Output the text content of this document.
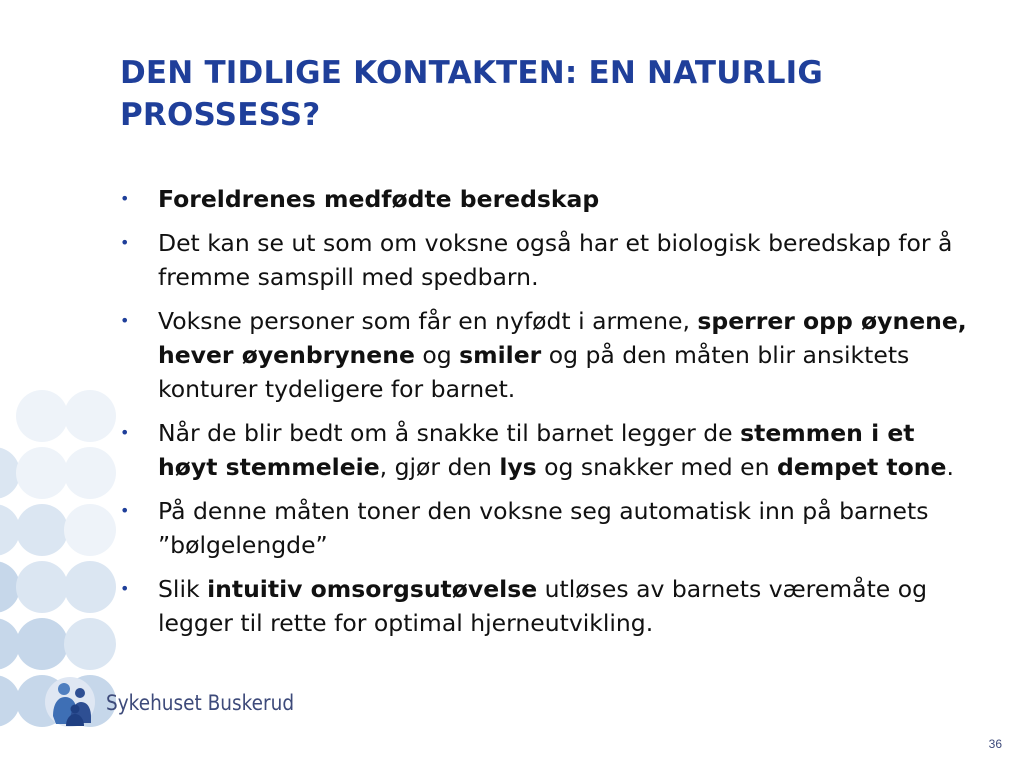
DEN TIDLIGE KONTAKTEN: EN NATURLIG PROSSESS?
• Foreldrenes medfødte beredskap
• Det kan se ut som om voksne også har et biologisk beredskap for å fremme samspill med spedbarn.
• Voksne personer som får en nyfødt i armene, sperrer opp øynene, hever øyenbrynene og smiler og på den måten blir ansiktets konturer tydeligere for barnet.
• Når de blir bedt om å snakke til barnet legger de stemmen i et høyt stemmeleie, gjør den lys og snakker med en dempet tone.
• På denne måten toner den voksne seg automatisk inn på barnets ”bølgelengde”
• Slik intuitiv omsorgsutøvelse utløses av barnets væremåte og legger til rette for optimal hjerneutvikling.
Sykehuset Buskerud
36
